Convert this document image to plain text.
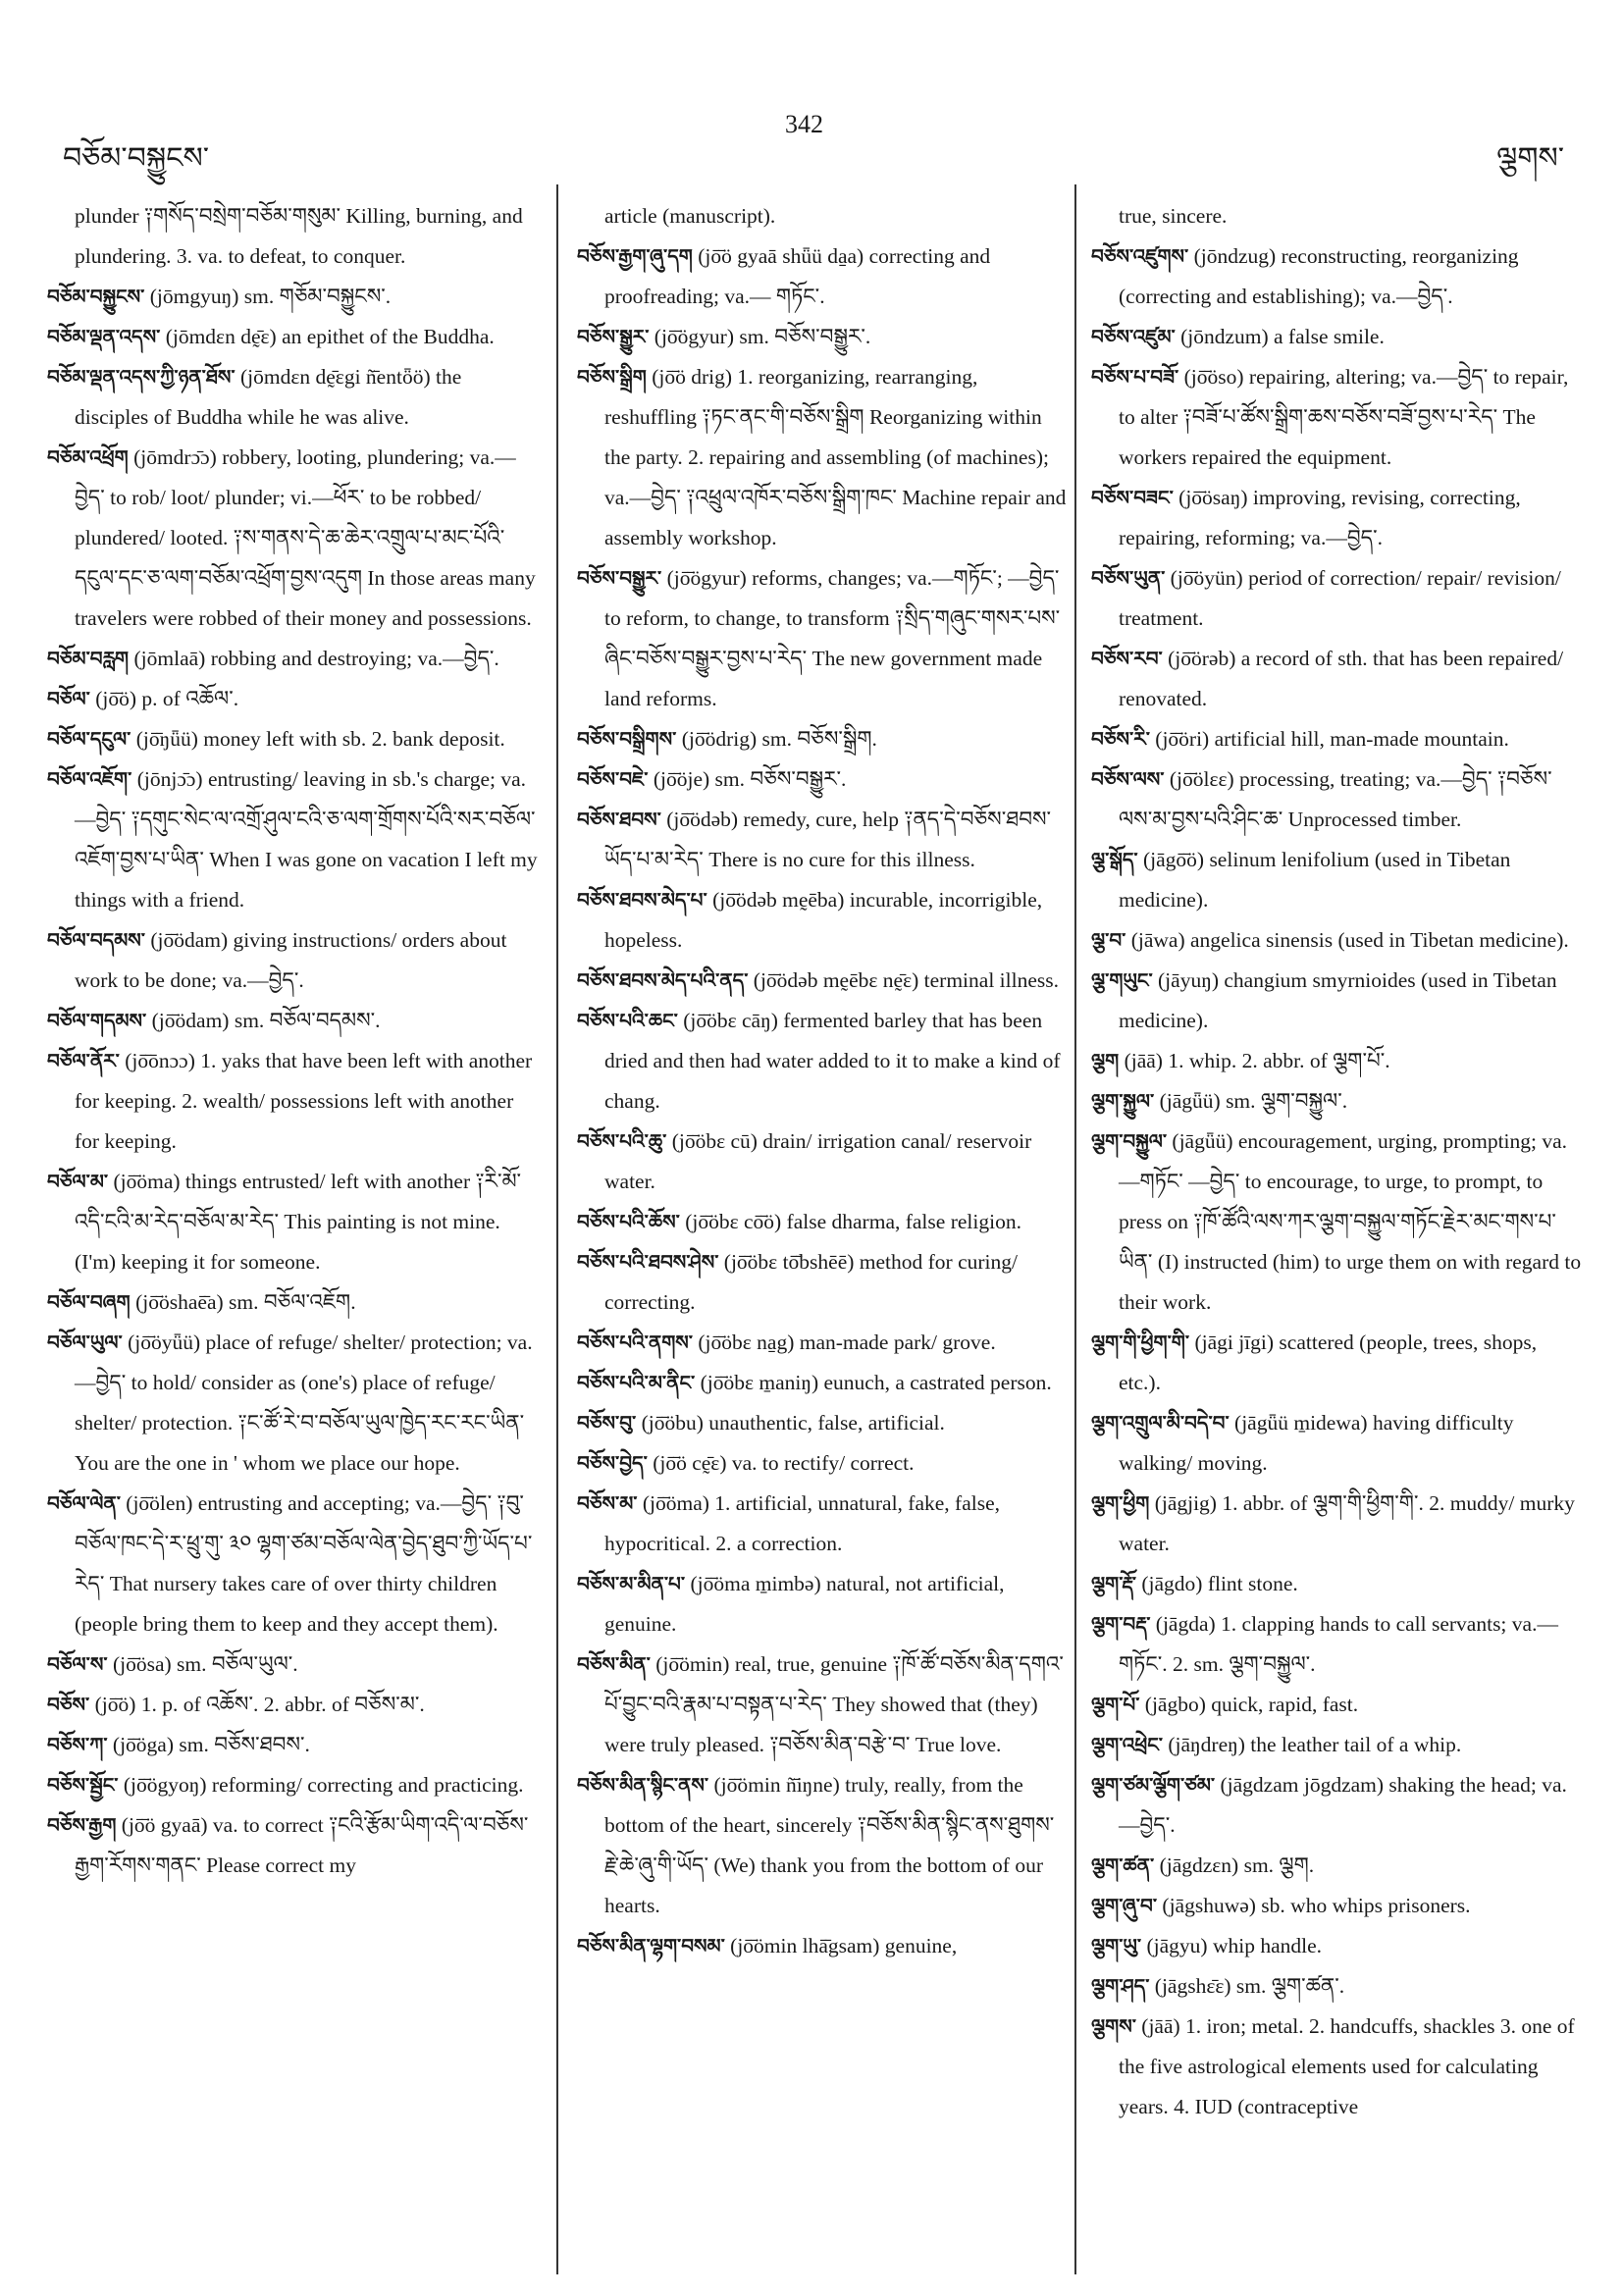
བཅོམ་བསྐྱུངས་
342
ལྕགས་

plunder ༑གསོད་བསྲེག་བཅོམ་གསུམ་ Killing, burning, and plundering. 3. va. to defeat, to conquer.

བཅོམ་བསྐྱུངས་ (jōmgyuŋ) sm. གཅོམ་བསྐྱུངས་.

བཅོམ་ལྡན་འདས་ (jōmdɛn dḛ̄ɛ) an epithet of the Buddha.

བཅོམ་ལྡན་འདས་ཀྱི་ཉན་ཐོས་ (jōmdɛn dḛ̄ɛgi ñ̄entȫö) the disciples of Buddha while he was alive.

བཅོམ་འཕྲོག (jōmdrɔ̄ɔ) robbery, looting, plundering; va.—བྱེད་ to rob/ loot/ plunder; vi.—ཕོར་ to be robbed/ plundered/ looted. ༑ས་གནས་དེ་ཆ་ཆེར་འགྲུལ་པ་མང་པོའི་དངུལ་དང་ཅ་ལག་བཅོམ་འཕྲོག་བྱས་འདུག In those areas many travelers were robbed of their money and possessions.

བཅོམ་བརླག (jōmlaā) robbing and destroying; va.—བྱེད་.

བཅོལ་ (jō̄ö) p. of འཆོལ་.

བཅོལ་དངུལ་ (jō̄ŋǖü) money left with sb. 2. bank deposit.

བཅོལ་འཇོག་ (jōnjɔ̄ɔ) entrusting/ leaving in sb.'s charge; va.—བྱེད་ ༑དགུང་སེང་ལ་འགྲོ་ཤུལ་ངའི་ཅ་ལག་གྲོགས་པོའི་སར་བཅོལ་འཇོག་བྱས་པ་ཡིན་ When I was gone on vacation I left my things with a friend.

བཅོལ་བདམས་ (jō̄ödam) giving instructions/ orders about work to be done; va.—བྱེད་.

བཅོལ་གདམས་ (jō̄ödam) sm. བཅོལ་བདམས་.

བཅོལ་ནོར་ (jō̄ōnɔɔ) 1. yaks that have been left with another for keeping. 2. wealth/ possessions left with another for keeping.

བཅོལ་མ་ (jō̄öma) things entrusted/ left with another ༑རི་མོ་འདི་ངའི་མ་རེད་བཅོལ་མ་རེད་ This painting is not mine. (I'm) keeping it for someone.

བཅོལ་བཞག (jō̄öshaē̄a) sm. བཅོལ་འཇོག.

བཅོལ་ཡུལ་ (jō̄öyǖü) place of refuge/ shelter/ protection; va.—བྱེད་ to hold/ consider as (one's) place of refuge/ shelter/ protection. ༑ང་ཚོ་རེ་བ་བཅོལ་ཡུལ་ཁྱེད་རང་རང་ཡིན་ You are the one in ' whom we place our hope.

བཅོལ་ལེན་ (jō̄ölen) entrusting and accepting; va.—བྱེད་ ༑བུ་བཅོལ་ཁང་དེ་ར་ཕྲུ་གུ་ ༣༠ ལྷག་ཙམ་བཅོལ་ལེན་བྱེད་ཐུབ་ཀྱི་ཡོད་པ་རེད་ That nursery takes care of over thirty children (people bring them to keep and they accept them).

བཅོལ་ས་ (jō̄ösa) sm. བཅོལ་ཡུལ་.

བཅོས་ (jō̄ö) 1. p. of འཆོས་. 2. abbr. of བཅོས་མ་.

བཅོས་ཀ་ (jō̄öga) sm. བཅོས་ཐབས་.

བཅོས་སྦྱོང་ (jō̄ögyoŋ) reforming/ correcting and practicing.

བཅོས་རྒྱག (jō̄ö gyaā) va. to correct ༑ངའི་རྩོམ་ཡིག་འདི་ལ་བཅོས་རྒྱག་རོགས་གནང་ Please correct my

article (manuscript).

བཅོས་རྒྱག་ཞུ་དག (jō̄ö gyaā shǖü da̱a) correcting and proofreading; va.— གཏོང་.

བཅོས་སྒྱུར་ (jō̄ögyur) sm. བཅོས་བསྒྱུར་.

བཅོས་སྒྲིག (jō̄ö drig) 1. reorganizing, rearranging, reshuffling ༑ཏང་ནང་གི་བཅོས་སྒྲིག Reorganizing within the party. 2. repairing and assembling (of machines); va.—བྱེད་ ༑འཕྲུལ་འཁོར་བཅོས་སྒྲིག་ཁང་ Machine repair and assembly workshop.

བཅོས་བསྒྱུར་ (jō̄ögyur) reforms, changes; va.—གཏོང་; —བྱེད་ to reform, to change, to transform ༑སྲིད་གཞུང་གསར་པས་ཞིང་བཅོས་བསྒྱུར་བྱས་པ་རེད་ The new government made land reforms.

བཅོས་བསྒྲིགས་ (jō̄ödrig) sm. བཅོས་སྒྲིག.

བཅོས་བཇེ་ (jō̄öje) sm. བཅོས་བསྒྱུར་.

བཅོས་ཐབས་ (jō̄ödəb) remedy, cure, help ༑ནད་དེ་བཅོས་ཐབས་ཡོད་པ་མ་རེད་ There is no cure for this illness.

བཅོས་ཐབས་མེད་པ་ (jō̄ödəb mḛēba) incurable, incorrigible, hopeless.

བཅོས་ཐབས་མེད་པའི་ནད་ (jō̄ödəb mḛēbɛ nḛ̄ɛ) terminal illness.

བཅོས་པའི་ཆང་ (jō̄öbɛ cāŋ) fermented barley that has been dried and then had water added to it to make a kind of chang.

བཅོས་པའི་ཆུ་ (jō̄öbɛ cū) drain/ irrigation canal/ reservoir water.

བཅོས་པའི་ཆོས་ (jō̄öbɛ cō̄ö) false dharma, false religion.

བཅོས་པའི་ཐབས་ཤེས་ (jō̄öbɛ tō̄bshēē) method for curing/ correcting.

བཅོས་པའི་ནགས་ (jō̄öbɛ na̱g) man-made park/ grove.

བཅོས་པའི་མ་ནིང་ (jō̄öbɛ m̱aniŋ) eunuch, a castrated person.

བཅོས་བུ་ (jō̄öbu) unauthentic, false, artificial.

བཅོས་བྱེད་ (jō̄ö cḛ̄ɛ) va. to rectify/ correct.

བཅོས་མ་ (jō̄öma) 1. artificial, unnatural, fake, false, hypocritical. 2. a correction.

བཅོས་མ་མིན་པ་ (jō̄öma m̱imbə) natural, not artificial, genuine.

བཅོས་མིན་ (jō̄ömin) real, true, genuine ༑ཁོ་ཚོ་བཅོས་མིན་དགའ་པོ་བྱུང་བའི་རྣམ་པ་བསྟན་པ་རེད་ They showed that (they) were truly pleased. ༑བཅོས་མིན་བརྩེ་བ་ True love.

བཅོས་མིན་སྙིང་ནས་ (jō̄ömin ñ̄iŋne) truly, really, from the bottom of the heart, sincerely ༑བཅོས་མིན་སྙིང་ནས་ཐུགས་རྗེ་ཆེ་ཞུ་གི་ཡོད་ (We) thank you from the bottom of our hearts.

བཅོས་མིན་ལྷག་བསམ་ (jō̄ömin lhā̄gsam) genuine,

true, sincere.

བཅོས་འཛུགས་ (jōndzug) reconstructing, reorganizing (correcting and establishing); va.—བྱེད་.

བཅོས་འཛུམ་ (jōndzum) a false smile.

བཅོས་པ་བཟོ་ (jō̄öso) repairing, altering; va.—བྱེད་ to repair, to alter ༑བཟོ་པ་ཚོས་སྒྲིག་ཆས་བཅོས་བཟོ་བྱས་པ་རེད་ The workers repaired the equipment.

བཅོས་བཟང་ (jō̄ösaŋ) improving, revising, correcting, repairing, reforming; va.—བྱེད་.

བཅོས་ཡུན་ (jō̄öyün) period of correction/ repair/ revision/ treatment.

བཅོས་རབ་ (jō̄örəb) a record of sth. that has been repaired/ renovated.

བཅོས་རི་ (jō̄öri) artificial hill, man-made mountain.

བཅོས་ལས་ (jō̄ölɛɛ) processing, treating; va.—བྱེད་ ༑བཅོས་ལས་མ་བྱས་པའི་ཤིང་ཆ་ Unprocessed timber.

ལྕ་སྒོད་ (jāgō̄ö) selinum lenifolium (used in Tibetan medicine).

ལྕ་བ་ (jāwa) angelica sinensis (used in Tibetan medicine).

ལྕ་གཡུང་ (jāyuŋ) changium smyrnioides (used in Tibetan medicine).

ལྕག (jāā) 1. whip. 2. abbr. of ལྕག་པོ་.

ལྕག་སྐྱུལ་ (jāgǖü) sm. ལྕག་བསྐྱུལ་.

ལྕག་བསྐྱུལ་ (jāgǖü) encouragement, urging, prompting; va.—གཏོང་ —བྱེད་ to encourage, to urge, to prompt, to press on ༑ཁོ་ཚོའི་ལས་ཀར་ལྕག་བསྐྱུལ་གཏོང་རྗེར་མང་གས་པ་ཡིན་ (I) instructed (him) to urge them on with regard to their work.

ལྕག་གི་ཕྱིག་གི་ (jāgi jīgi) scattered (people, trees, shops, etc.).

ལྕག་འགྲུལ་མི་བདེ་བ་ (jāgǖü m̱idewa) having difficulty walking/ moving.

ལྕག་ཕྱིག (jāgjig) 1. abbr. of ལྕག་གི་ཕྱིག་གི་. 2. muddy/ murky water.

ལྕག་རྡོ་ (jāgdo) flint stone.

ལྕག་བརྡ་ (jāgda) 1. clapping hands to call servants; va.—གཏོང་. 2. sm. ལྕག་བསྐྱུལ་.

ལྕག་པོ་ (jāgbo) quick, rapid, fast.

ལྕག་འཕྲེང་ (jāŋdreŋ) the leather tail of a whip.

ལྕག་ཙམ་ལྕོག་ཙམ་ (jāgdzam jōgdzam) shaking the head; va.—བྱེད་.

ལྕག་ཚན་ (jāgdzɛn) sm. ལྕག.

ལྕག་ཞུ་བ་ (jāgshuwə) sb. who whips prisoners.

ལྕག་ཡུ་ (jāgyu) whip handle.

ལྕག་ཤད་ (jāgshɛ̄ɛ) sm. ལྕག་ཚན་.

ལྕགས་ (jāā) 1. iron; metal. 2. handcuffs, shackles 3. one of the five astrological elements used for calculating years. 4. IUD (contraceptive
